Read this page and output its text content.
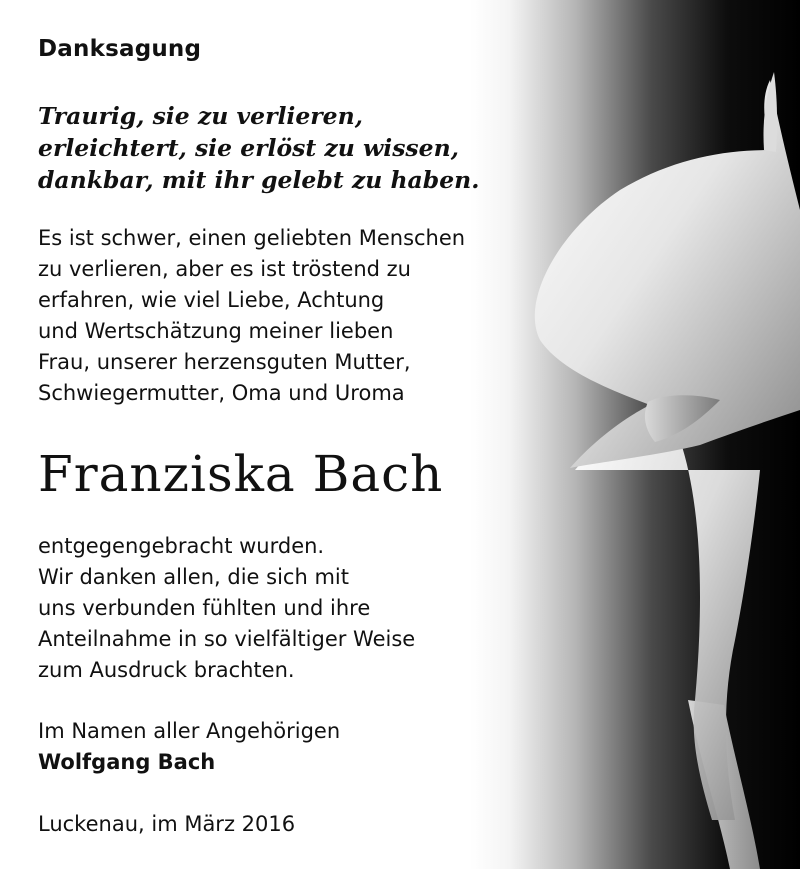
Danksagung
Traurig, sie zu verlieren,
erleichtert, sie erlöst zu wissen,
dankbar, mit ihr gelebt zu haben.
Es ist schwer, einen geliebten Menschen
zu verlieren, aber es ist tröstend zu
erfahren, wie viel Liebe, Achtung
und Wertschätzung meiner lieben
Frau, unserer herzensguten Mutter,
Schwiegermutter, Oma und Uroma
Franziska Bach
entgegengebracht wurden.
Wir danken allen, die sich mit
uns verbunden fühlten und ihre
Anteilnahme in so vielfältiger Weise
zum Ausdruck brachten.
Im Namen aller Angehörigen
Wolfgang Bach
Luckenau, im März 2016
